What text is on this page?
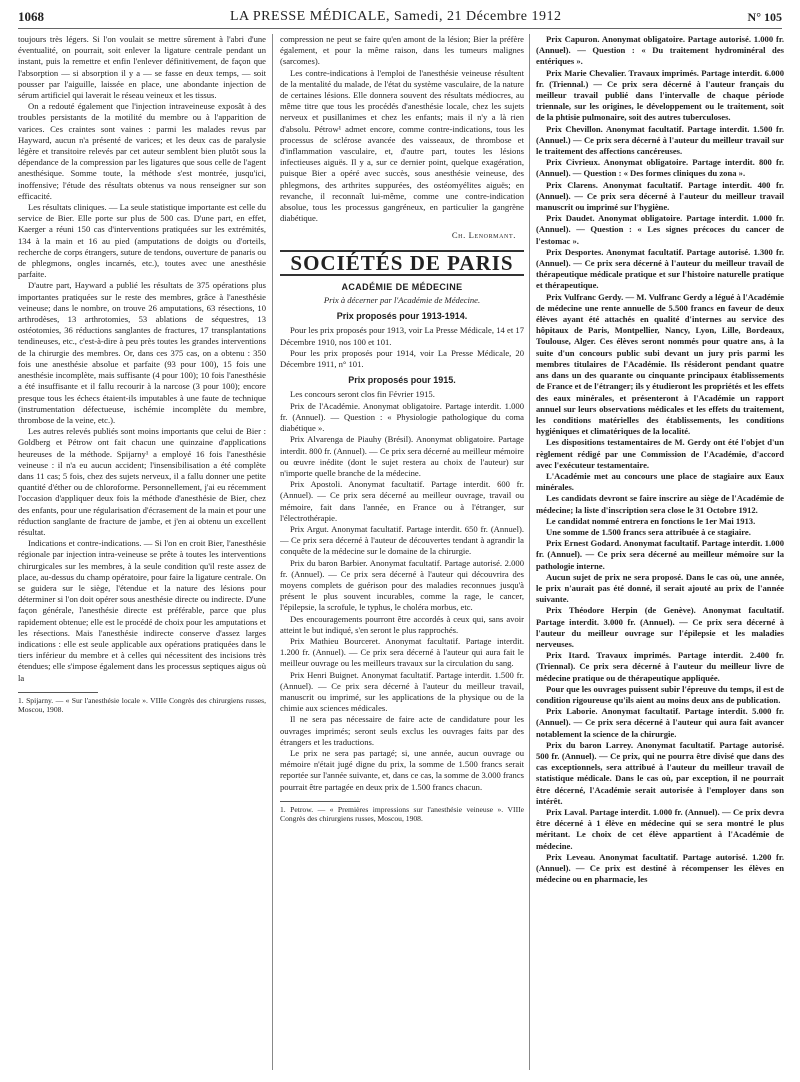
1068	LA PRESSE MÉDICALE, Samedi, 21 Décembre 1912	N° 105

toujours très légers. Si l'on voulait se mettre sûrement à l'abri d'une éventualité, on pourrait, soit enlever la ligature centrale pendant un instant, puis la remettre et enfin l'enlever définitivement, de façon que l'absorption — si absorption il y a — se fasse en deux temps, — soit pousser par l'aiguille, laissée en place, une abondante injection de sérum artificiel qui laverait le réseau veineux et les tissus.

On a redouté également que l'injection intraveineuse exposât à des troubles persistants de la motilité du membre ou à l'apparition de varices. Ces craintes sont vaines : parmi les malades revus par Hayward, aucun n'a présenté de varices; et les deux cas de paralysie légère et transitoire relevés par cet auteur semblent bien plutôt sous la dépendance de la compression par les ligatures que sous celle de l'agent anesthésique. Somme toute, la méthode s'est montrée, jusqu'ici, inoffensive; l'étude des résultats obtenus va nous renseigner sur son efficacité.

Les résultats cliniques. — La seule statistique importante est celle du service de Bier. Elle porte sur plus de 500 cas. D'une part, en effet, Kaerger a réuni 150 cas d'interventions pratiquées sur les extrémités, 134 à la main et 16 au pied (amputations de doigts ou d'orteils, recherche de corps étrangers, suture de tendons, ouverture de panaris ou de phlegmons, ongles incarnés, etc.), toutes avec une anesthésie parfaite.

D'autre part, Hayward a publié les résultats de 375 opérations plus importantes pratiquées sur le reste des membres, grâce à l'anesthésie veineuse; dans le nombre, on trouve 26 amputations, 63 résections, 10 arthrodèses, 13 arthrotomies, 53 ablations de séquestres, 13 ostéotomies, 36 réductions sanglantes de fractures, 17 transplantations tendineuses, etc., c'est-à-dire à peu près toutes les grandes interventions de la chirurgie des membres. Or, dans ces 375 cas, on a obtenu : 350 fois une anesthésie absolue et parfaite (93 pour 100), 15 fois une anesthésie incomplète, mais suffisante (4 pour 100); 10 fois l'anesthésie a été insuffisante et il fallu recourir à la narcose (3 pour 100); encore presque tous les échecs étaient-ils imputables à une faute de technique (instrumentation défectueuse, ischémie incomplète du membre, thrombose de la veine, etc.).

Les autres relevés publiés sont moins importants que celui de Bier : Goldberg et Pétrow ont fait chacun une quinzaine d'applications heureuses de la méthode. Spijarny¹ a employé 16 fois l'anesthésie veineuse : il n'a eu aucun accident; l'insensibilisation a été complète dans 11 cas; 5 fois, chez des sujets nerveux, il a fallu donner une petite quantité d'éther ou de chloroforme. Personnellement, j'ai eu récemment l'occasion d'appliquer deux fois la méthode d'anesthésie de Bier, chez des enfants, pour une régularisation d'écrasement de la main et pour une réduction sanglante de fracture de jambe, et j'en ai obtenu un excellent résultat.

Indications et contre-indications. — Si l'on en croit Bier, l'anesthésie régionale par injection intra-veineuse se prête à toutes les interventions chirurgicales sur les membres, à la seule condition qu'il reste assez de place, au-dessus du champ opératoire, pour faire la ligature centrale. On se guidera sur le siège, l'étendue et la nature des lésions pour déterminer si l'on doit opérer sous anesthésie directe ou indirecte. D'une façon générale, l'anesthésie directe est préférable, parce que plus rapidement obtenue; elle est le procédé de choix pour les amputations et les résections. Mais l'anesthésie indirecte conserve d'assez larges indications : elle est seule applicable aux opérations pratiquées dans le tiers inférieur du membre et à celles qui nécessitent des incisions très étendues; elle s'impose également dans les processus septiques aigus où la

1. Spijarny. — « Sur l'anesthésie locale ». VIIIe Congrès des chirurgiens russes, Moscou, 1908.

compression ne peut se faire qu'en amont de la lésion; Bier la préfère également, et pour la même raison, dans les tumeurs malignes (sarcomes).

Les contre-indications à l'emploi de l'anesthésie veineuse résultent de la mentalité du malade, de l'état du système vasculaire, de la nature de certaines lésions. Elle donnera souvent des résultats médiocres, au même titre que tous les procédés d'anesthésie locale, chez les sujets nerveux et pusillanimes et chez les enfants; mais il n'y a là rien d'absolu. Pétrow¹ admet encore, comme contre-indications, tous les processus de sclérose avancée des vaisseaux, de thrombose et d'inflammation vasculaire, et, d'autre part, toutes les lésions infectieuses aiguës. Il y a, sur ce dernier point, quelque exagération, puisque Bier a opéré avec succès, sous anesthésie veineuse, des phlegmons, des arthrites suppurées, des ostéomyélites aiguës; en revanche, il reconnaît lui-même, comme une contre-indication absolue, tous les processus gangréneux, en particulier la gangrène diabétique.

Ch. Lenormant.

SOCIÉTÉS DE PARIS

ACADÉMIE DE MÉDECINE

Prix à décerner par l'Académie de Médecine.

Prix proposés pour 1913-1914.

Pour les prix proposés pour 1913, voir La Presse Médicale, 14 et 17 Décembre 1910, nos 100 et 101.

Pour les prix proposés pour 1914, voir La Presse Médicale, 20 Décembre 1911, n° 101.

Prix proposés pour 1915.

Les concours seront clos fin Février 1915.

Prix de l'Académie. Anonymat obligatoire. Partage interdit. 1.000 fr. (Annuel). — Question : « Physiologie pathologique du coma diabétique ».

Prix Alvarenga de Piauhy (Brésil). Anonymat obligatoire. Partage interdit. 800 fr. (Annuel). — Ce prix sera décerné au meilleur mémoire ou œuvre inédite (dont le sujet restera au choix de l'auteur) sur n'importe quelle branche de la médecine.

Prix Apostoli. Anonymat facultatif. Partage interdit. 600 fr. (Annuel). — Ce prix sera décerné au meilleur ouvrage, travail ou mémoire, fait dans l'année, en France ou à l'étranger, sur l'électrothérapie.

Prix Argut. Anonymat facultatif. Partage interdit. 650 fr. (Annuel). — Ce prix sera décerné à l'auteur de découvertes tendant à agrandir la conquête de la médecine sur le domaine de la chirurgie.

Prix du baron Barbier. Anonymat facultatif. Partage autorisé. 2.000 fr. (Annuel). — Ce prix sera décerné à l'auteur qui découvrira des moyens complets de guérison pour des maladies reconnues jusqu'à présent le plus souvent incurables, comme la rage, le cancer, l'épilepsie, la scrofule, le typhus, le choléra morbus, etc.

Des encouragements pourront être accordés à ceux qui, sans avoir atteint le but indiqué, s'en seront le plus rapprochés.

Prix Mathieu Bourceret. Anonymat facultatif. Partage interdit. 1.200 fr. (Annuel). — Ce prix sera décerné à l'auteur qui aura fait le meilleur ouvrage ou les meilleurs travaux sur la circulation du sang.

Prix Henri Buignet. Anonymat facultatif. Partage interdit. 1.500 fr. (Annuel). — Ce prix sera décerné à l'auteur du meilleur travail, manuscrit ou imprimé, sur les applications de la physique ou de la chimie aux sciences médicales.

Il ne sera pas nécessaire de faire acte de candidature pour les ouvrages imprimés; seront seuls exclus les ouvrages faits par des étrangers et les traductions.

Le prix ne sera pas partagé; si, une année, aucun ouvrage ou mémoire n'était jugé digne du prix, la somme de 1.500 francs serait reportée sur l'année suivante, et, dans ce cas, la somme de 3.000 francs pourrait être partagée en deux prix de 1.500 francs chacun.

1. Petrow. — « Premières impressions sur l'anesthésie veineuse ». VIIIe Congrès des chirurgiens russes, Moscou, 1908.

Prix Capuron. Anonymat obligatoire. Partage autorisé. 1.000 fr. (Annuel). — Question : « Du traitement hydrominéral des entériques ».

Prix Marie Chevalier. Travaux imprimés. Partage interdit. 6.000 fr. (Triennal.) — Ce prix sera décerné à l'auteur français du meilleur travail publié dans l'intervalle de chaque période triennale, sur les origines, le développement ou le traitement, soit de la phtisie pulmonaire, soit des autres tuberculoses.

Prix Chevillon. Anonymat facultatif. Partage interdit. 1.500 fr. (Annuel.) — Ce prix sera décerné à l'auteur du meilleur travail sur le traitement des affections cancéreuses.

Prix Civrieux. Anonymat obligatoire. Partage interdit. 800 fr. (Annuel). — Question : « Des formes cliniques du zona ».

Prix Clarens. Anonymat facultatif. Partage interdit. 400 fr. (Annuel). — Ce prix sera décerné à l'auteur du meilleur travail manuscrit ou imprimé sur l'hygiène.

Prix Daudet. Anonymat obligatoire. Partage interdit. 1.000 fr. (Annuel). — Question : « Les signes précoces du cancer de l'estomac ».

Prix Desportes. Anonymat facultatif. Partage autorisé. 1.300 fr. (Annuel). — Ce prix sera décerné à l'auteur du meilleur travail de thérapeutique médicale pratique et sur l'histoire naturelle pratique et thérapeutique.

Prix Vulfranc Gerdy. — M. Vulfranc Gerdy a légué à l'Académie de médecine une rente annuelle de 5.500 francs en faveur de deux élèves ayant été attachés en qualité d'internes au service des hôpitaux de Paris, Montpellier, Nancy, Lyon, Lille, Bordeaux, Toulouse, Alger. Ces élèves seront nommés pour quatre ans, à la suite d'un concours public subi devant un jury pris parmi les membres titulaires de l'Académie. Ils résideront pendant quatre ans dans un des quarante ou cinquante principaux établissements de France et de l'étranger; ils y étudieront les propriétés et les effets des eaux minérales, et présenteront à l'Académie un rapport annuel sur leurs observations médicales et les effets du traitement, les conditions matérielles des établissements, les conditions hygiéniques et climatériques de la localité.

Les dispositions testamentaires de M. Gerdy ont été l'objet d'un règlement rédigé par une Commission de l'Académie, d'accord avec l'exécuteur testamentaire.

L'Académie met au concours une place de stagiaire aux Eaux minérales.

Les candidats devront se faire inscrire au siège de l'Académie de médecine; la liste d'inscription sera close le 31 Octobre 1912.

Le candidat nommé entrera en fonctions le 1er Mai 1913.

Une somme de 1.500 francs sera attribuée à ce stagiaire.

Prix Ernest Godard. Anonymat facultatif. Partage interdit. 1.000 fr. (Annuel). — Ce prix sera décerné au meilleur mémoire sur la pathologie interne.

Aucun sujet de prix ne sera proposé. Dans le cas où, une année, le prix n'aurait pas été donné, il serait ajouté au prix de l'année suivante.

Prix Théodore Herpin (de Genève). Anonymat facultatif. Partage interdit. 3.000 fr. (Annuel). — Ce prix sera décerné à l'auteur du meilleur ouvrage sur l'épilepsie et les maladies nerveuses.

Prix Itard. Travaux imprimés. Partage interdit. 2.400 fr. (Triennal). Ce prix sera décerné à l'auteur du meilleur livre de médecine pratique ou de thérapeutique appliquée.

Pour que les ouvrages puissent subir l'épreuve du temps, il est de condition rigoureuse qu'ils aient au moins deux ans de publication.

Prix Laborie. Anonymat facultatif. Partage interdit. 5.000 fr. (Annuel). — Ce prix sera décerné à l'auteur qui aura fait avancer notablement la science de la chirurgie.

Prix du baron Larrey. Anonymat facultatif. Partage autorisé. 500 fr. (Annuel). — Ce prix, qui ne pourra être divisé que dans des cas exceptionnels, sera attribué à l'auteur du meilleur travail de statistique médicale. Dans le cas où, par exception, il ne pourrait être décerné, l'Académie serait autorisée à l'employer dans son intérêt.

Prix Laval. Partage interdit. 1.000 fr. (Annuel). — Ce prix devra être décerné à 1 élève en médecine qui se sera montré le plus méritant. Le choix de cet élève appartient à l'Académie de médecine.

Prix Leveau. Anonymat facultatif. Partage autorisé. 1.200 fr. (Annuel). — Ce prix est destiné à récompenser les élèves en médecine ou en pharmacie, les
